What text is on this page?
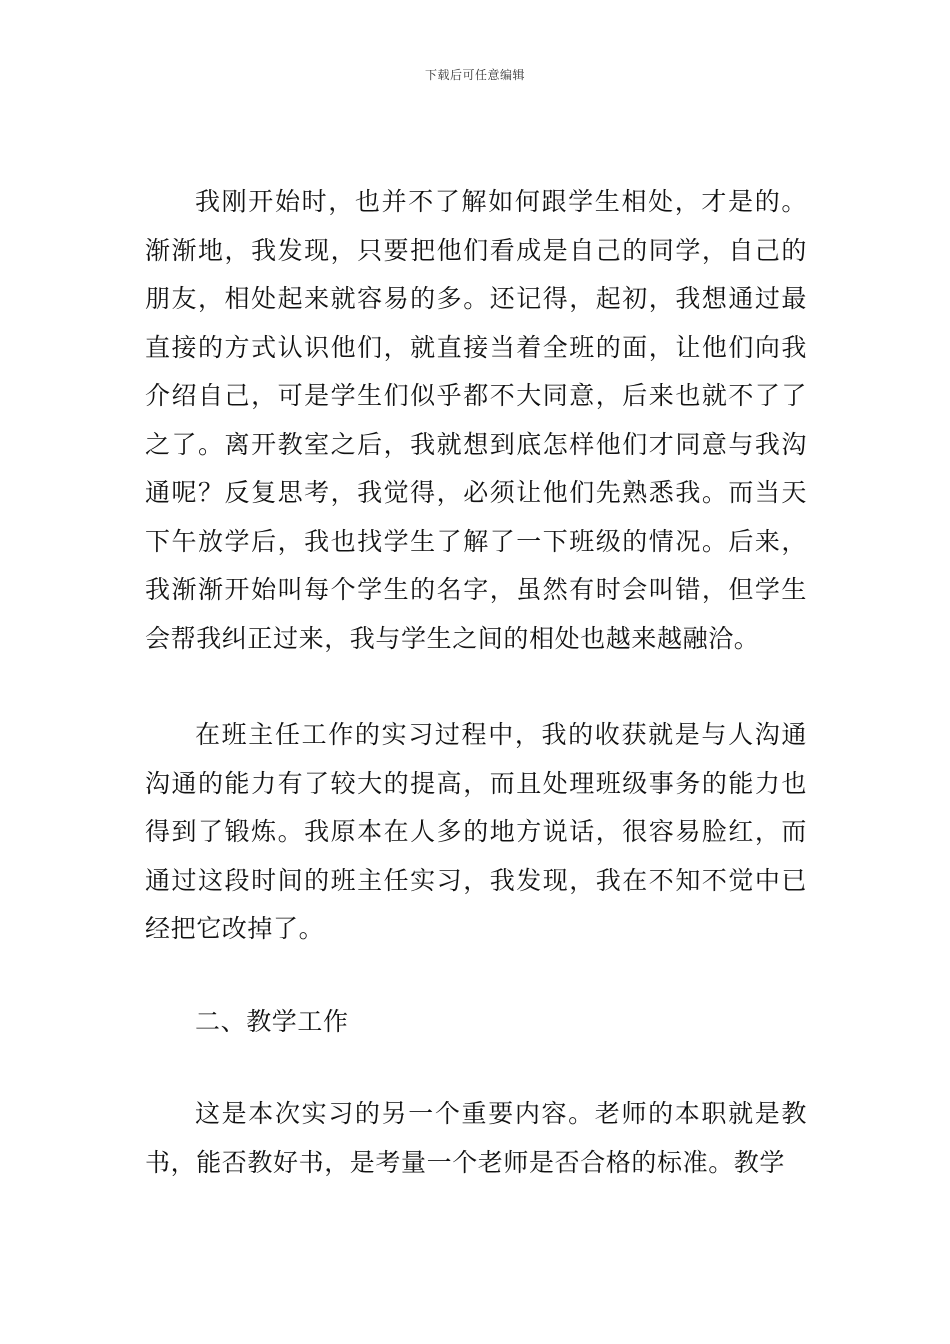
下载后可任意编辑

我刚开始时，也并不了解如何跟学生相处，才是的。渐渐地，我发现，只要把他们看成是自己的同学，自己的朋友，相处起来就容易的多。还记得，起初，我想通过最直接的方式认识他们，就直接当着全班的面，让他们向我介绍自己，可是学生们似乎都不大同意，后来也就不了了之了。离开教室之后，我就想到底怎样他们才同意与我沟通呢？反复思考，我觉得，必须让他们先熟悉我。而当天下午放学后，我也找学生了解了一下班级的情况。后来，我渐渐开始叫每个学生的名字，虽然有时会叫错，但学生会帮我纠正过来，我与学生之间的相处也越来越融洽。

在班主任工作的实习过程中，我的收获就是与人沟通沟通的能力有了较大的提高，而且处理班级事务的能力也得到了锻炼。我原本在人多的地方说话，很容易脸红，而通过这段时间的班主任实习，我发现，我在不知不觉中已经把它改掉了。

二、教学工作

这是本次实习的另一个重要内容。老师的本职就是教书，能否教好书，是考量一个老师是否合格的标准。教学
